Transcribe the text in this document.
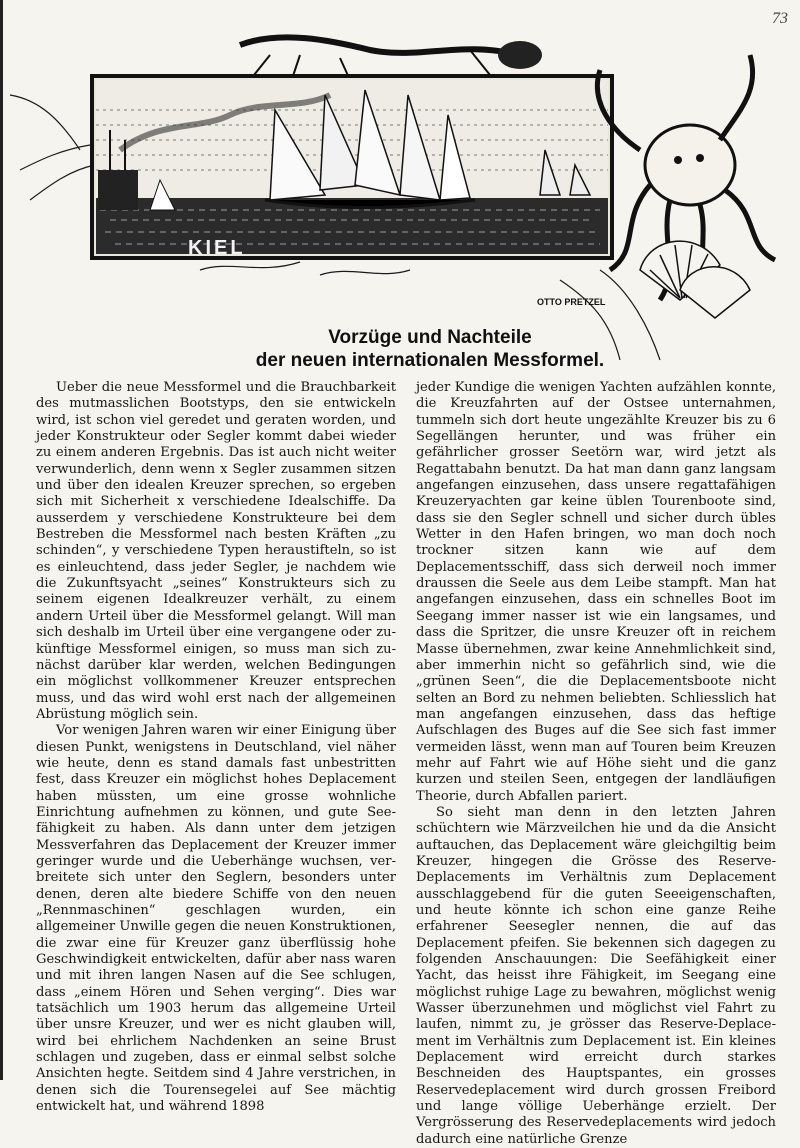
73
KIEL
OTTO PRETZEL
Vorzüge und Nachteile
der neuen internationalen Messformel.

Ueber die neue Messformel und die Brauchbarkeit des mutmasslichen Bootstyps, den sie entwickeln wird, ist schon viel geredet und geraten worden, und jeder Konstrukteur oder Segler kommt dabei wieder zu einem anderen Ergebnis. Das ist auch nicht weiter verwunderlich, denn wenn x Segler zusammen sitzen und über den idealen Kreuzer sprechen, so ergeben sich mit Sicherheit x verschiedene Idealschiffe. Da ausserdem y verschiedene Konstrukteure bei dem Bestreben die Messformel nach besten Kräften „zu schinden“, y verschiedene Typen heraustifteln, so ist es einleuchtend, dass jeder Segler, je nachdem wie die Zukunftsyacht „seines“ Konstrukteurs sich zu seinem eigenen Idealkreuzer verhält, zu einem andern Urteil über die Messformel gelangt. Will man sich deshalb im Urteil über eine vergangene oder zukünftige Messformel einigen, so muss man sich zunächst darüber klar werden, welchen Bedingungen ein möglichst vollkommener Kreuzer entsprechen muss, und das wird wohl erst nach der allgemeinen Abrüstung möglich sein.

Vor wenigen Jahren waren wir einer Einigung über diesen Punkt, wenigstens in Deutschland, viel näher wie heute, denn es stand damals fast unbestritten fest, dass Kreuzer ein möglichst hohes Deplacement haben müssten, um eine grosse wohnliche Einrichtung aufnehmen zu können, und gute Seefähigkeit zu haben. Als dann unter dem jetzigen Messverfahren das Deplacement der Kreuzer immer geringer wurde und die Ueberhänge wuchsen, verbreitete sich unter den Seglern, besonders unter denen, deren alte biedere Schiffe von den neuen „Rennmaschinen“ geschlagen wurden, ein allgemeiner Unwille gegen die neuen Konstruktionen, die zwar eine für Kreuzer ganz überflüssig hohe Geschwindigkeit entwickelten, dafür aber nass waren und mit ihren langen Nasen auf die See schlugen, dass „einem Hören und Sehen verging“. Dies war tatsächlich um 1903 herum das allgemeine Urteil über unsre Kreuzer, und wer es nicht glauben will, wird bei ehrlichem Nachdenken an seine Brust schlagen und zugeben, dass er einmal selbst solche Ansichten hegte. Seitdem sind 4 Jahre verstrichen, in denen sich die Tourensegelei auf See mächtig entwickelt hat, und während 1898

jeder Kundige die wenigen Yachten aufzählen konnte, die Kreuzfahrten auf der Ostsee unternahmen, tummeln sich dort heute ungezählte Kreuzer bis zu 6 Segellängen herunter, und was früher ein gefährlicher grosser Seetörn war, wird jetzt als Regattabahn benutzt. Da hat man dann ganz langsam angefangen einzusehen, dass unsere regattafähigen Kreuzeryachten gar keine üblen Tourenboote sind, dass sie den Segler schnell und sicher durch übles Wetter in den Hafen bringen, wo man doch noch trockner sitzen kann wie auf dem Deplacementsschiff, dass sich derweil noch immer draussen die Seele aus dem Leibe stampft. Man hat angefangen einzusehen, dass ein schnelles Boot im Seegang immer nasser ist wie ein langsames, und dass die Spritzer, die unsre Kreuzer oft in reichem Masse übernehmen, zwar keine Annehmlichkeit sind, aber immerhin nicht so gefährlich sind, wie die „grünen Seen“, die die Deplacementsboote nicht selten an Bord zu nehmen beliebten. Schliesslich hat man angefangen einzusehen, dass das heftige Aufschlagen des Buges auf die See sich fast immer vermeiden lässt, wenn man auf Touren beim Kreuzen mehr auf Fahrt wie auf Höhe sieht und die ganz kurzen und steilen Seen, entgegen der landläufigen Theorie, durch Abfallen pariert.

So sieht man denn in den letzten Jahren schüchtern wie Märzveilchen hie und da die Ansicht auftauchen, das Deplacement wäre gleichgiltig beim Kreuzer, hingegen die Grösse des Reserve-Deplacements im Verhältnis zum Deplacement ausschlaggebend für die guten Seeeigenschaften, und heute könnte ich schon eine ganze Reihe erfahrener Seesegler nennen, die auf das Deplacement pfeifen. Sie bekennen sich dagegen zu folgenden Anschauungen: Die Seefähigkeit einer Yacht, das heisst ihre Fähigkeit, im Seegang eine möglichst ruhige Lage zu bewahren, möglichst wenig Wasser überzunehmen und möglichst viel Fahrt zu laufen, nimmt zu, je grösser das Reserve-Deplacement im Verhältnis zum Deplacement ist. Ein kleines Deplacement wird erreicht durch starkes Beschneiden des Hauptspantes, ein grosses Reservedeplacement wird durch grossen Freibord und lange völlige Ueberhänge erzielt. Der Vergrösserung des Reservedeplacements wird jedoch dadurch eine natürliche Grenze
